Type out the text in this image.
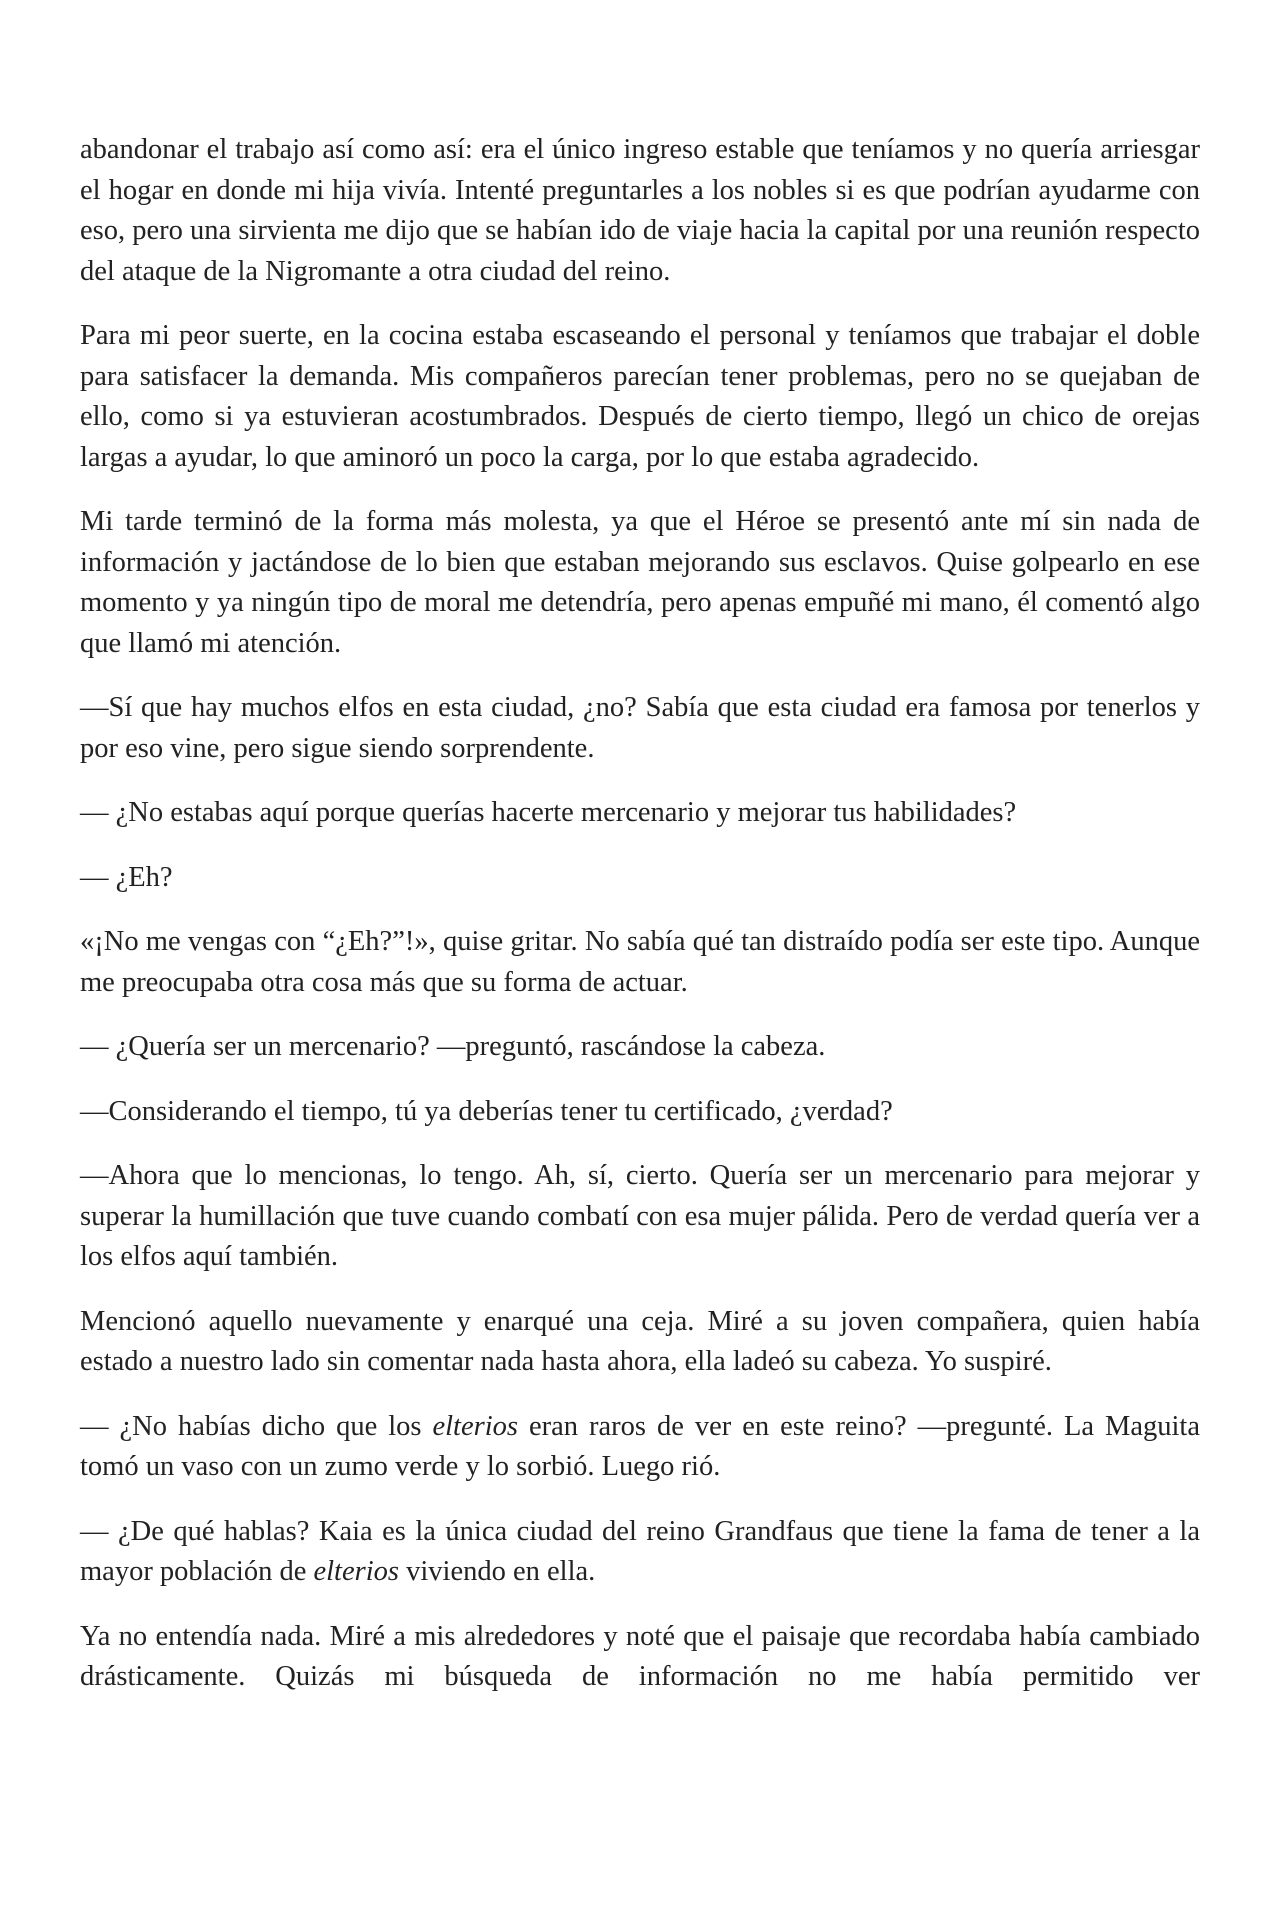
abandonar el trabajo así como así: era el único ingreso estable que teníamos y no quería arriesgar el hogar en donde mi hija vivía. Intenté preguntarles a los nobles si es que podrían ayudarme con eso, pero una sirvienta me dijo que se habían ido de viaje hacia la capital por una reunión respecto del ataque de la Nigromante a otra ciudad del reino.

Para mi peor suerte, en la cocina estaba escaseando el personal y teníamos que trabajar el doble para satisfacer la demanda. Mis compañeros parecían tener problemas, pero no se quejaban de ello, como si ya estuvieran acostumbrados. Después de cierto tiempo, llegó un chico de orejas largas a ayudar, lo que aminoró un poco la carga, por lo que estaba agradecido.

Mi tarde terminó de la forma más molesta, ya que el Héroe se presentó ante mí sin nada de información y jactándose de lo bien que estaban mejorando sus esclavos. Quise golpearlo en ese momento y ya ningún tipo de moral me detendría, pero apenas empuñé mi mano, él comentó algo que llamó mi atención.

—Sí que hay muchos elfos en esta ciudad, ¿no? Sabía que esta ciudad era famosa por tenerlos y por eso vine, pero sigue siendo sorprendente.

— ¿No estabas aquí porque querías hacerte mercenario y mejorar tus habilidades?

— ¿Eh?

«¡No me vengas con “¿Eh?”!», quise gritar. No sabía qué tan distraído podía ser este tipo. Aunque me preocupaba otra cosa más que su forma de actuar.

— ¿Quería ser un mercenario? —preguntó, rascándose la cabeza.

—Considerando el tiempo, tú ya deberías tener tu certificado, ¿verdad?

—Ahora que lo mencionas, lo tengo. Ah, sí, cierto. Quería ser un mercenario para mejorar y superar la humillación que tuve cuando combatí con esa mujer pálida. Pero de verdad quería ver a los elfos aquí también.

Mencionó aquello nuevamente y enarqué una ceja. Miré a su joven compañera, quien había estado a nuestro lado sin comentar nada hasta ahora, ella ladeó su cabeza. Yo suspiré.

— ¿No habías dicho que los elterios eran raros de ver en este reino? —pregunté. La Maguita tomó un vaso con un zumo verde y lo sorbió. Luego rió.

— ¿De qué hablas? Kaia es la única ciudad del reino Grandfaus que tiene la fama de tener a la mayor población de elterios viviendo en ella.

Ya no entendía nada. Miré a mis alrededores y noté que el paisaje que recordaba había cambiado drásticamente. Quizás mi búsqueda de información no me había permitido ver
